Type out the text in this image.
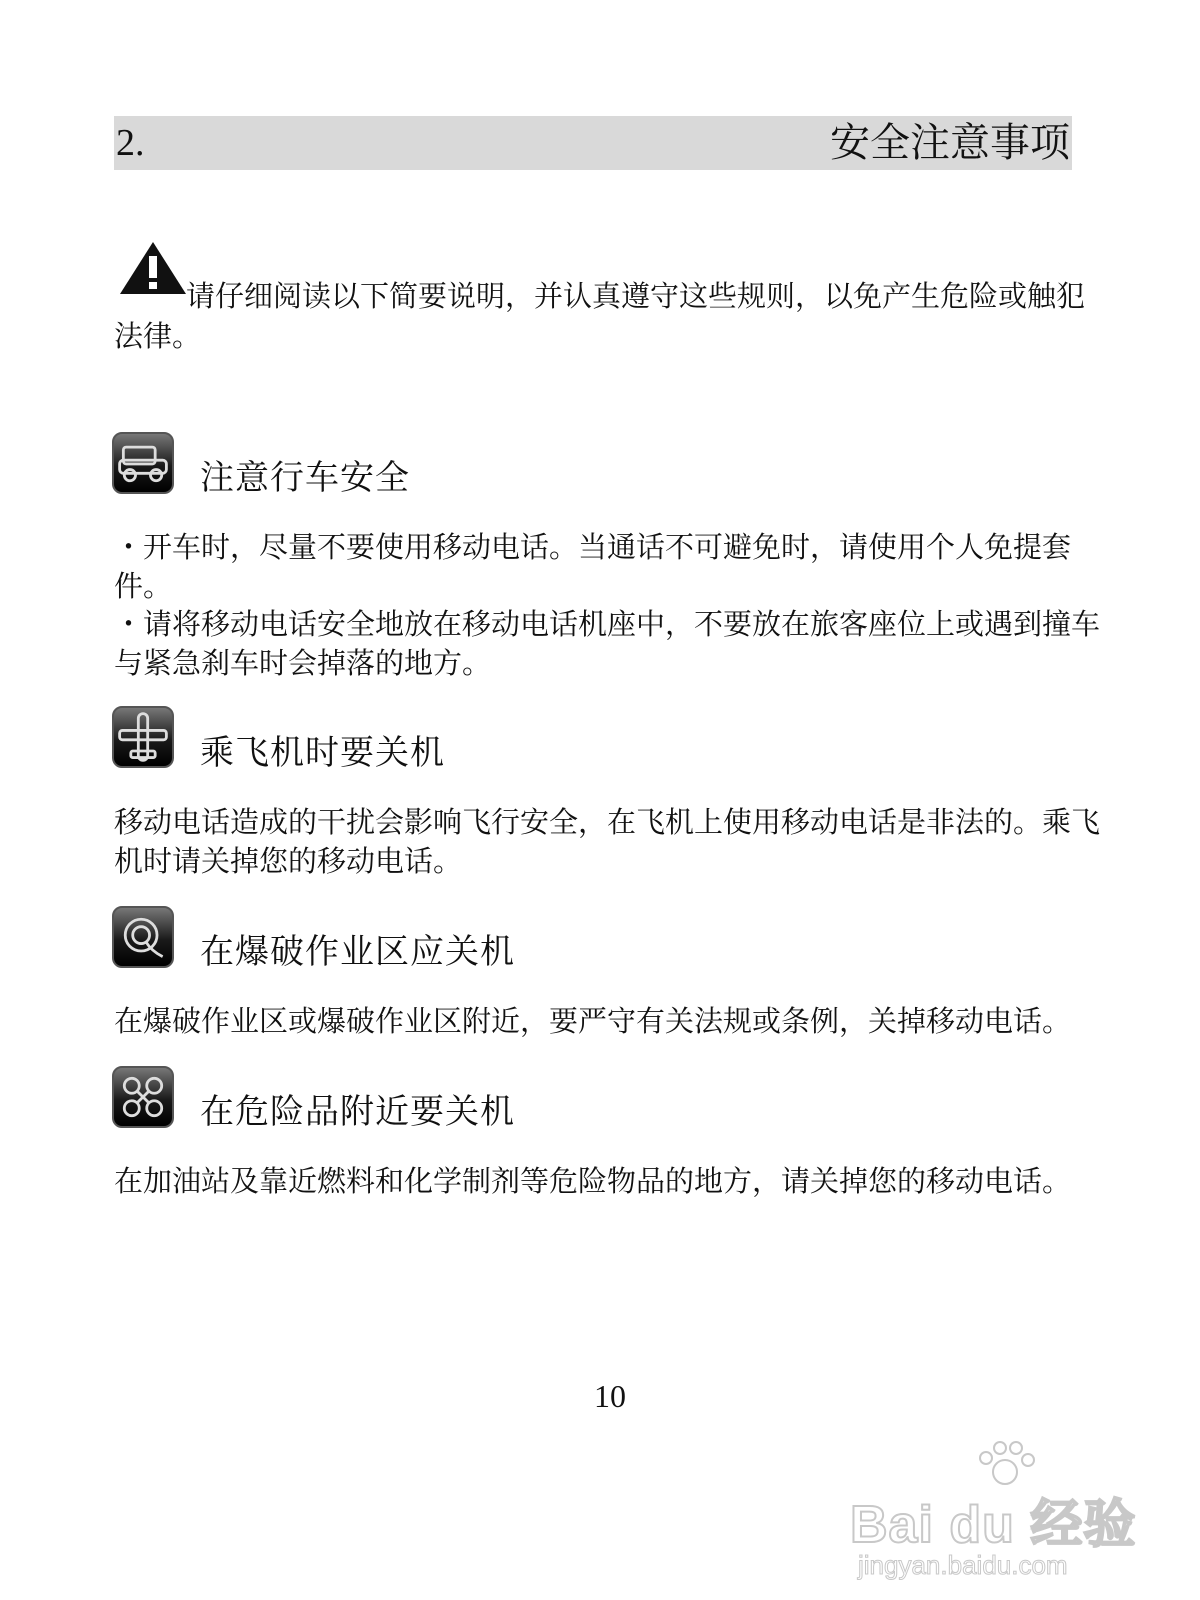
2.	安全注意事项

请仔细阅读以下简要说明，并认真遵守这些规则，以免产生危险或触犯法律。

注意行车安全

・开车时，尽量不要使用移动电话。当通话不可避免时，请使用个人免提套件。

・请将移动电话安全地放在移动电话机座中，不要放在旅客座位上或遇到撞车与紧急刹车时会掉落的地方。

乘飞机时要关机

移动电话造成的干扰会影响飞行安全，在飞机上使用移动电话是非法的。乘飞机时请关掉您的移动电话。

在爆破作业区应关机

在爆破作业区或爆破作业区附近，要严守有关法规或条例，关掉移动电话。

在危险品附近要关机

在加油站及靠近燃料和化学制剂等危险物品的地方，请关掉您的移动电话。

10
Bai du 经验
jingyan.baidu.com
